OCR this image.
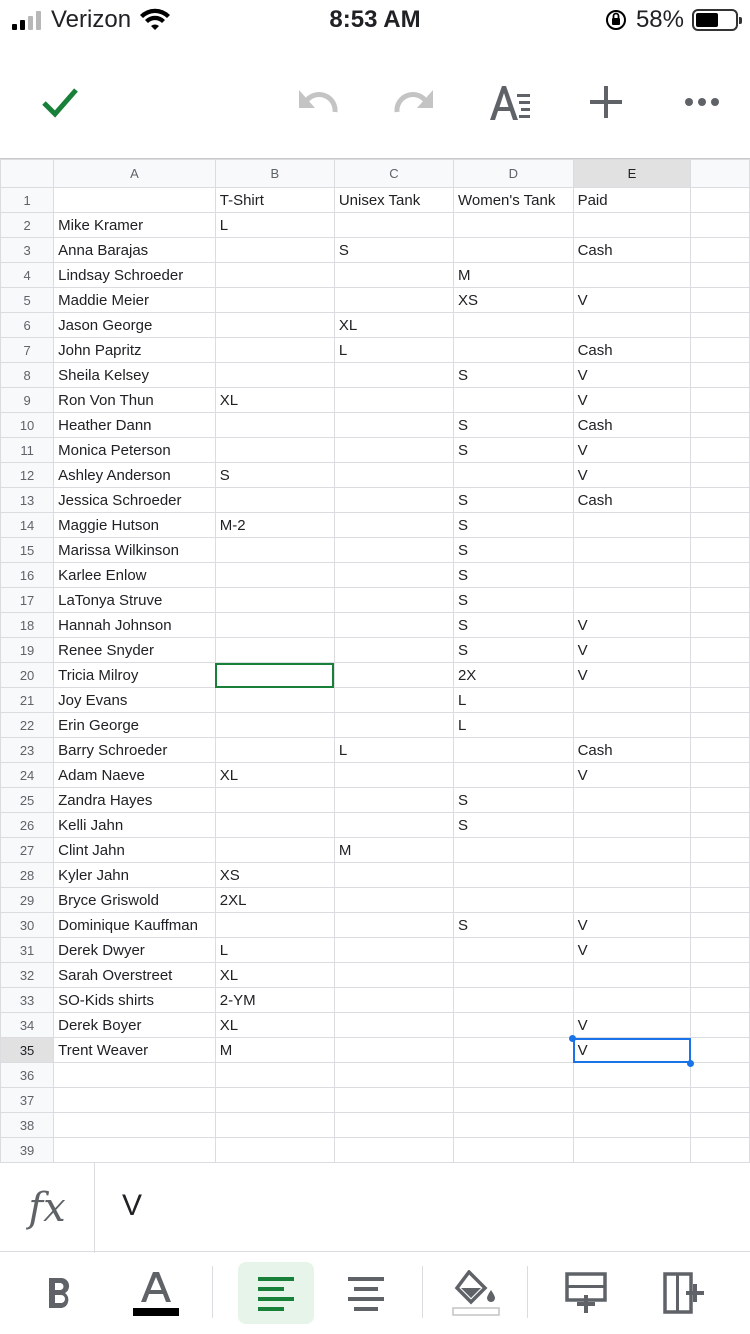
Verizon	8:53 AM	58%
	A	B	C	D	E	
1		T-Shirt	Unisex Tank	Women's Tank	Paid	
2	Mike Kramer	L				
3	Anna Barajas		S		Cash	
4	Lindsay Schroeder			M		
5	Maddie Meier			XS	V	
6	Jason George		XL			
7	John Papritz		L		Cash	
8	Sheila Kelsey			S	V	
9	Ron Von Thun	XL			V	
10	Heather Dann			S	Cash	
11	Monica Peterson			S	V	
12	Ashley Anderson	S			V	
13	Jessica Schroeder			S	Cash	
14	Maggie Hutson	M-2		S		
15	Marissa Wilkinson			S		
16	Karlee Enlow			S		
17	LaTonya Struve			S		
18	Hannah Johnson			S	V	
19	Renee Snyder			S	V	
20	Tricia Milroy			2X	V	
21	Joy Evans			L		
22	Erin George			L		
23	Barry Schroeder		L		Cash	
24	Adam Naeve	XL			V	
25	Zandra Hayes			S		
26	Kelli Jahn			S		
27	Clint Jahn		M			
28	Kyler Jahn	XS				
29	Bryce Griswold	2XL				
30	Dominique Kauffman			S	V	
31	Derek Dwyer	L			V	
32	Sarah Overstreet	XL				
33	SO-Kids shirts	2-YM				
34	Derek Boyer	XL			V	
35	Trent Weaver	M			V	
36						
37						
38						
39						
fx	V
